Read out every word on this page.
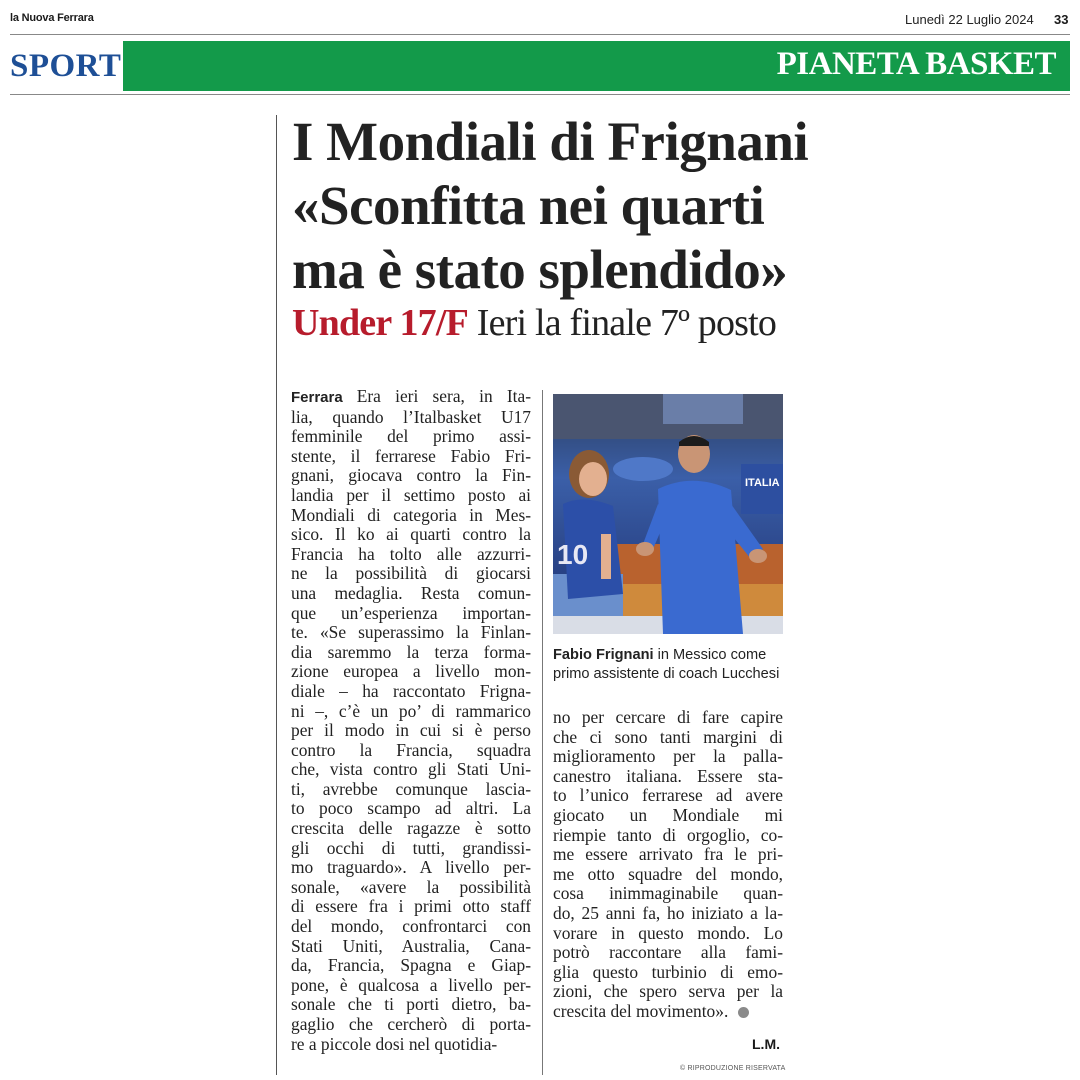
la Nuova Ferrara	Lunedì 22 Luglio 2024 33
SPORT	PIANETA BASKET
I Mondiali di Frignani
«Sconfitta nei quarti
ma è stato splendido»
Under 17/F Ieri la finale 7º posto
Ferrara Era ieri sera, in Ita-
lia, quando l’Italbasket U17
femminile del primo assi-
stente, il ferrarese Fabio Fri-
gnani, giocava contro la Fin-
landia per il settimo posto ai
Mondiali di categoria in Mes-
sico. Il ko ai quarti contro la
Francia ha tolto alle azzurri-
ne la possibilità di giocarsi
una medaglia. Resta comun-
que un’esperienza importan-
te. «Se superassimo la Finlan-
dia saremmo la terza forma-
zione europea a livello mon-
diale – ha raccontato Frigna-
ni –, c’è un po’ di rammarico
per il modo in cui si è perso
contro la Francia, squadra
che, vista contro gli Stati Uni-
ti, avrebbe comunque lascia-
to poco scampo ad altri. La
crescita delle ragazze è sotto
gli occhi di tutti, grandissi-
mo traguardo». A livello per-
sonale, «avere la possibilità
di essere fra i primi otto staff
del mondo, confrontarci con
Stati Uniti, Australia, Cana-
da, Francia, Spagna e Giap-
pone, è qualcosa a livello per-
sonale che ti porti dietro, ba-
gaglio che cercherò di porta-
re a piccole dosi nel quotidia-
10
ITALIA
Fabio Frignani in Messico come
primo assistente di coach Lucchesi
no per cercare di fare capire
che ci sono tanti margini di
miglioramento per la palla-
canestro italiana. Essere sta-
to l’unico ferrarese ad avere
giocato un Mondiale mi
riempie tanto di orgoglio, co-
me essere arrivato fra le pri-
me otto squadre del mondo,
cosa inimmaginabile quan-
do, 25 anni fa, ho iniziato a la-
vorare in questo mondo. Lo
potrò raccontare alla fami-
glia questo turbinio di emo-
zioni, che spero serva per la
crescita del movimento».
L.M.
© RIPRODUZIONE RISERVATA
